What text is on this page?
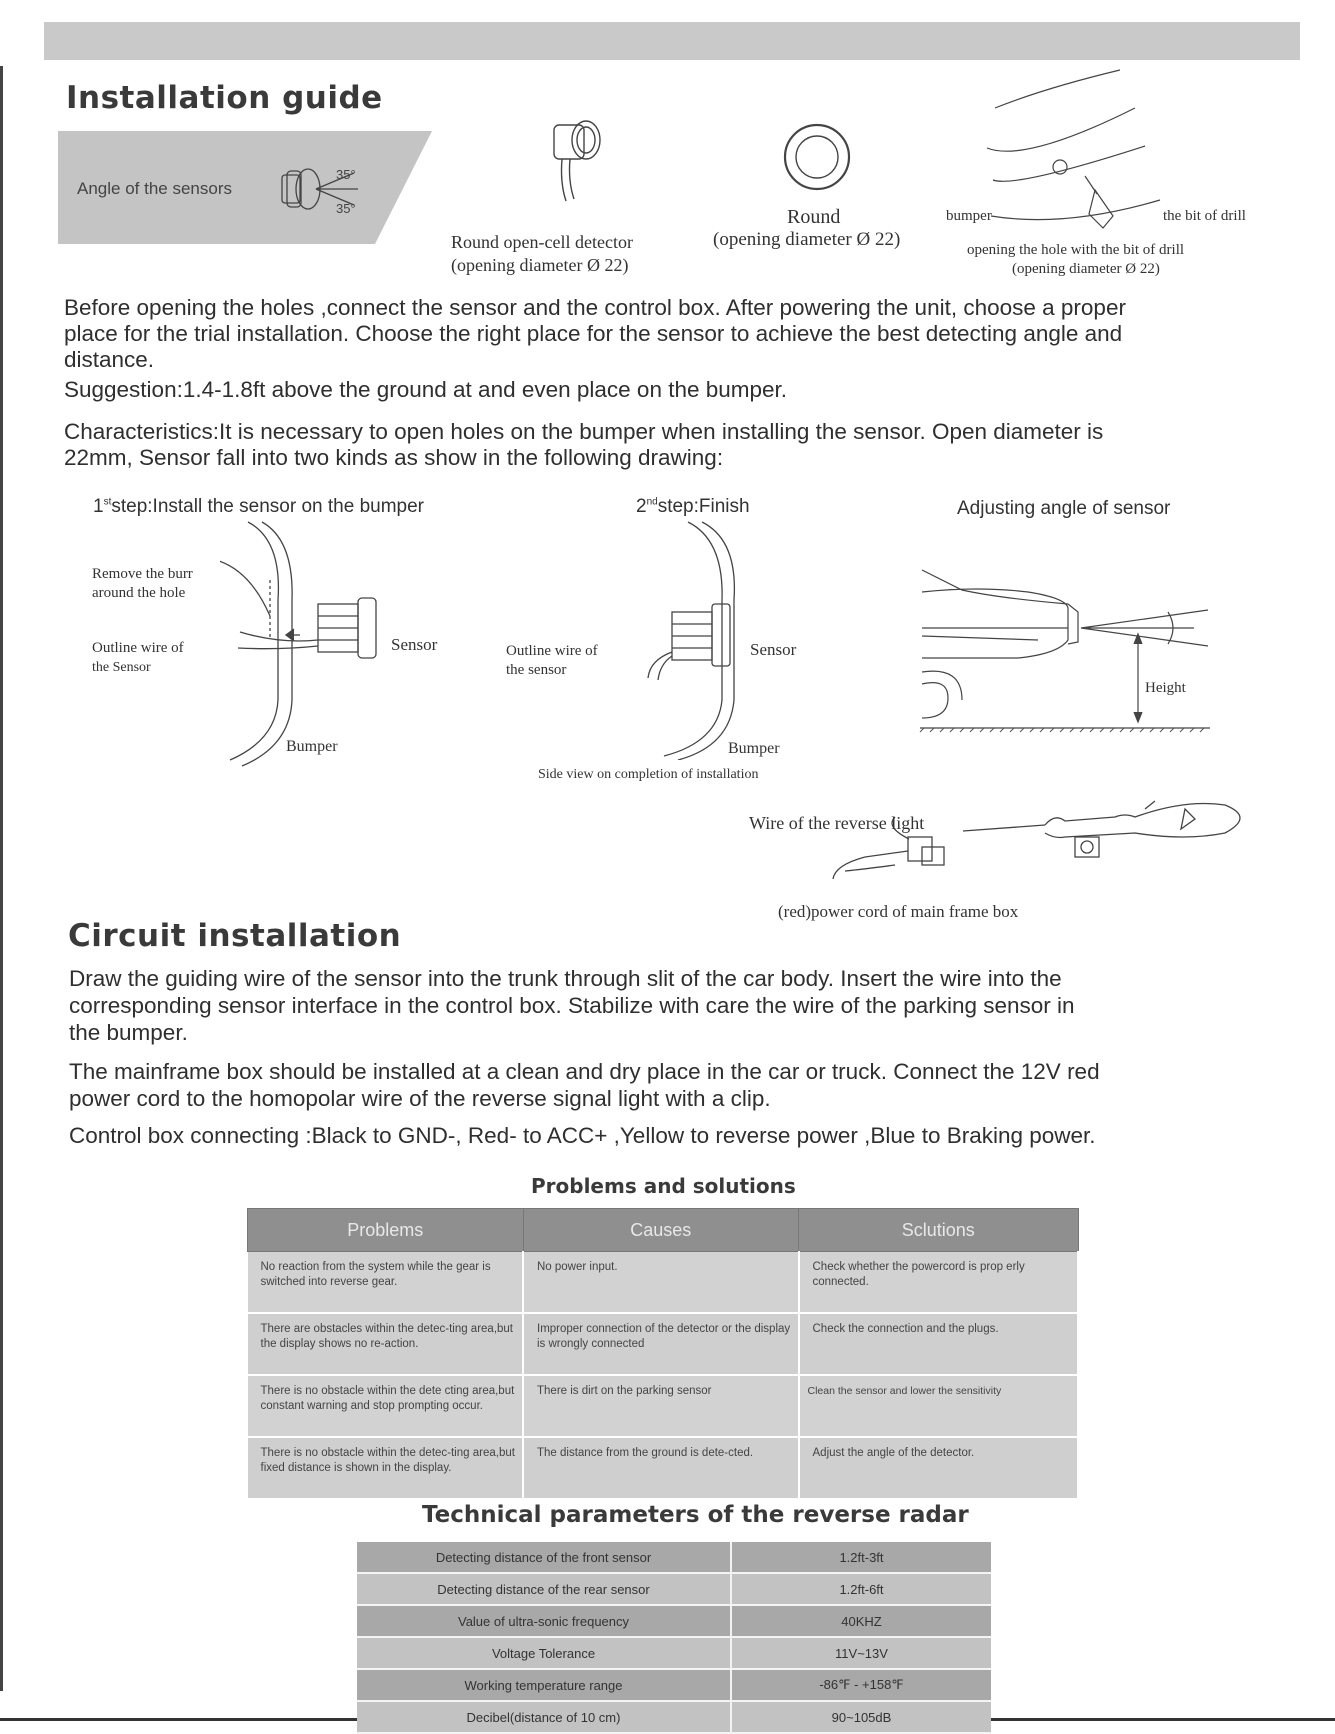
Installation guide
Angle of the sensors
35°
35°
Round open-cell detector
(opening diameter Ø 22)
Round
(opening diameter Ø 22)
bumper	the bit of drill
opening the hole with the bit of drill
(opening diameter Ø 22)
Before opening the holes ,connect the sensor and the control box. After powering the unit, choose a proper
place for the trial installation. Choose the right place for the sensor to achieve the best detecting angle and
distance.
Suggestion:1.4-1.8ft above the ground at and even place on the bumper.
Characteristics:It is necessary to open holes on the bumper when installing the sensor. Open diameter is
22mm, Sensor fall into two kinds as show in the following drawing:
1ststep:Install the sensor on the bumper	2ndstep:Finish	Adjusting angle of sensor
Remove the burr
around the hole
Outline wire of
the Sensor
Sensor
Bumper
Outline wire of
the sensor
Sensor
Bumper
Side view on completion of installation
Height
Wire of the reverse light
(red)power cord of main frame box
Circuit installation
Draw the guiding wire of the sensor into the trunk through slit of the car body. Insert the wire into the
corresponding sensor interface in the control box. Stabilize with care the wire of the parking sensor in
the bumper.
The mainframe box should be installed at a clean and dry place in the car or truck. Connect the 12V red
power cord to the homopolar wire of the reverse signal light with a clip.
Control box connecting :Black to GND-, Red- to ACC+ ,Yellow to reverse power ,Blue to Braking power.
Problems and solutions
Problems	Causes	Sclutions
No reaction from the system while the gear is switched into reverse gear.	No power input.	Check whether the powercord is prop erly connected.
There are obstacles within the detec-ting area,but the display shows no re-action.	Improper connection of the detector or the display is wrongly connected	Check the connection and the plugs.
There is no obstacle within the dete cting area,but constant warning and stop prompting occur.	There is dirt on the parking sensor	Clean the sensor and lower the sensitivity
There is no obstacle within the detec-ting area,but fixed distance is shown in the display.	The distance from the ground is dete-cted.	Adjust the angle of the detector.
Technical parameters of the reverse radar
Detecting distance of the front sensor	1.2ft-3ft
Detecting distance of the rear sensor	1.2ft-6ft
Value of ultra-sonic frequency	40KHZ
Voltage Tolerance	11V~13V
Working temperature range	-86℉ - +158℉
Decibel(distance of 10 cm)	90~105dB
